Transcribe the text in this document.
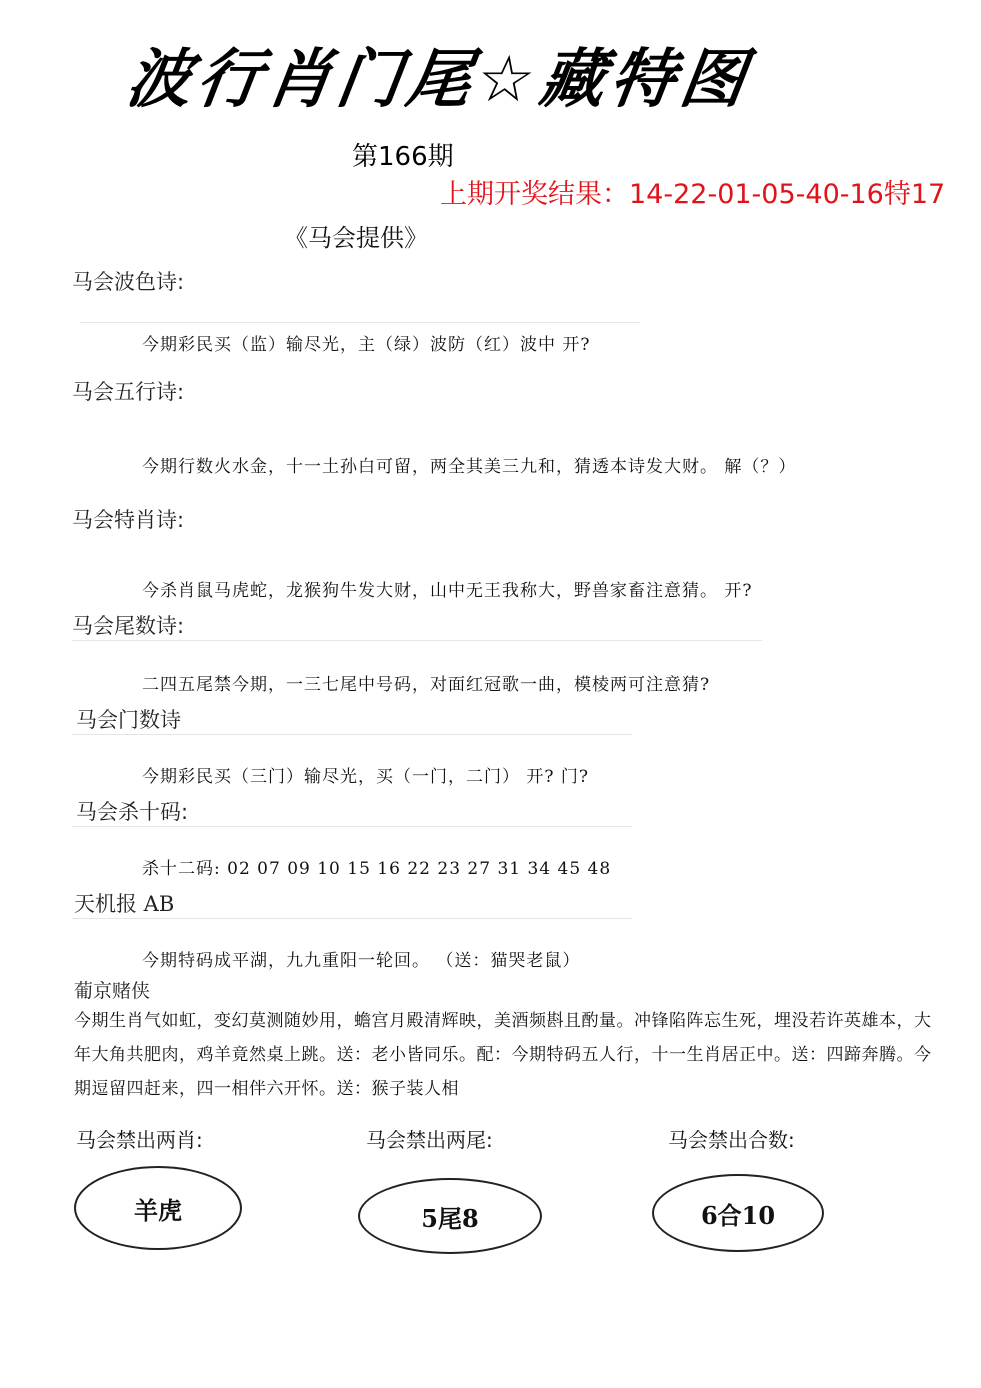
波行肖门尾☆藏特图
第166期
上期开奖结果：14-22-01-05-40-16特17
《马会提供》
马会波色诗:
今期彩民买（监）输尽光，主（绿）波防（红）波中 开?
马会五行诗:
今期行数火水金，十一土孙白可留，两全其美三九和，猜透本诗发大财。 解（？）
马会特肖诗:
今杀肖鼠马虎蛇，龙猴狗牛发大财，山中无王我称大，野兽家畜注意猜。 开?
马会尾数诗:
二四五尾禁今期，一三七尾中号码，对面红冠歌一曲，模棱两可注意猜?
马会门数诗
今期彩民买（三门）输尽光，买（一门，二门） 开? 门?
马会杀十码:
杀十二码: 02 07 09 10 15 16 22 23 27 31 34 45 48
天机报 AB
今期特码成平湖，九九重阳一轮回。 （送：猫哭老鼠）
葡京赌侠
今期生肖气如虹，变幻莫测随妙用，蟾宫月殿清辉映，美酒频斟且酌量。冲锋陷阵忘生死，埋没若许英雄本，大年大角共肥肉，鸡羊竟然桌上跳。送：老小皆同乐。配：今期特码五人行，十一生肖居正中。送：四蹄奔腾。今期逗留四赶来，四一相伴六开怀。送：猴子装人相
马会禁出两肖:	马会禁出两尾:	马会禁出合数:
羊虎	5尾8	6合10
